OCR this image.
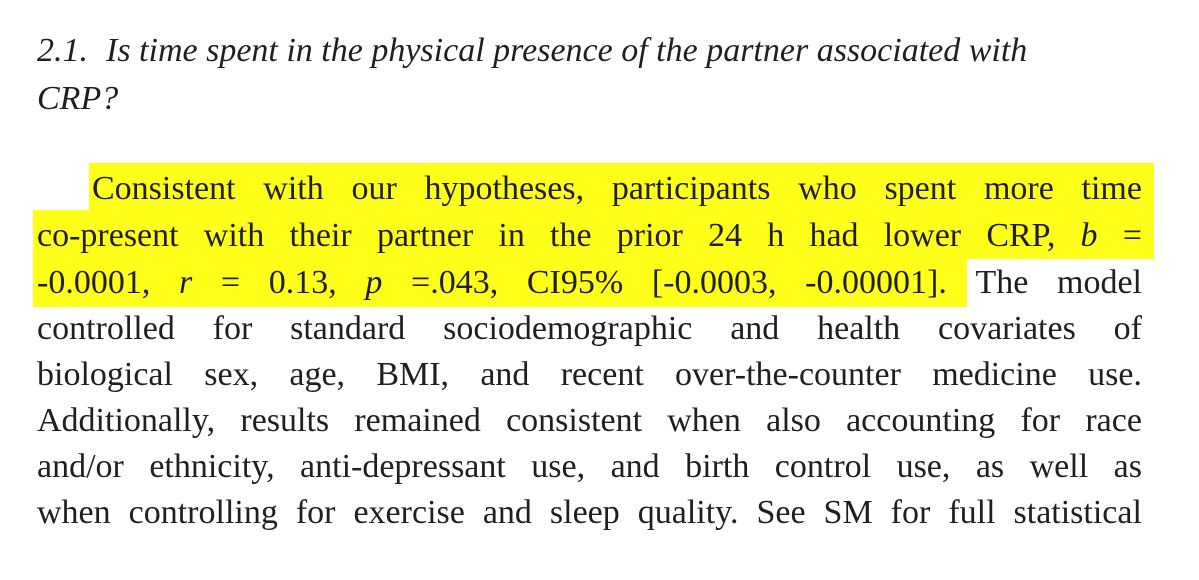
2.1. Is time spent in the physical presence of the partner associated with
CRP?
Consistent with our hypotheses, participants who spent more time
co-present with their partner in the prior 24 h had lower CRP, b =
-0.0001, r = 0.13, p =.043, CI95% [-0.0003, -0.00001]. The model
controlled for standard sociodemographic and health covariates of
biological sex, age, BMI, and recent over-the-counter medicine use.
Additionally, results remained consistent when also accounting for race
and/or ethnicity, anti-depressant use, and birth control use, as well as
when controlling for exercise and sleep quality. See SM for full statistical
